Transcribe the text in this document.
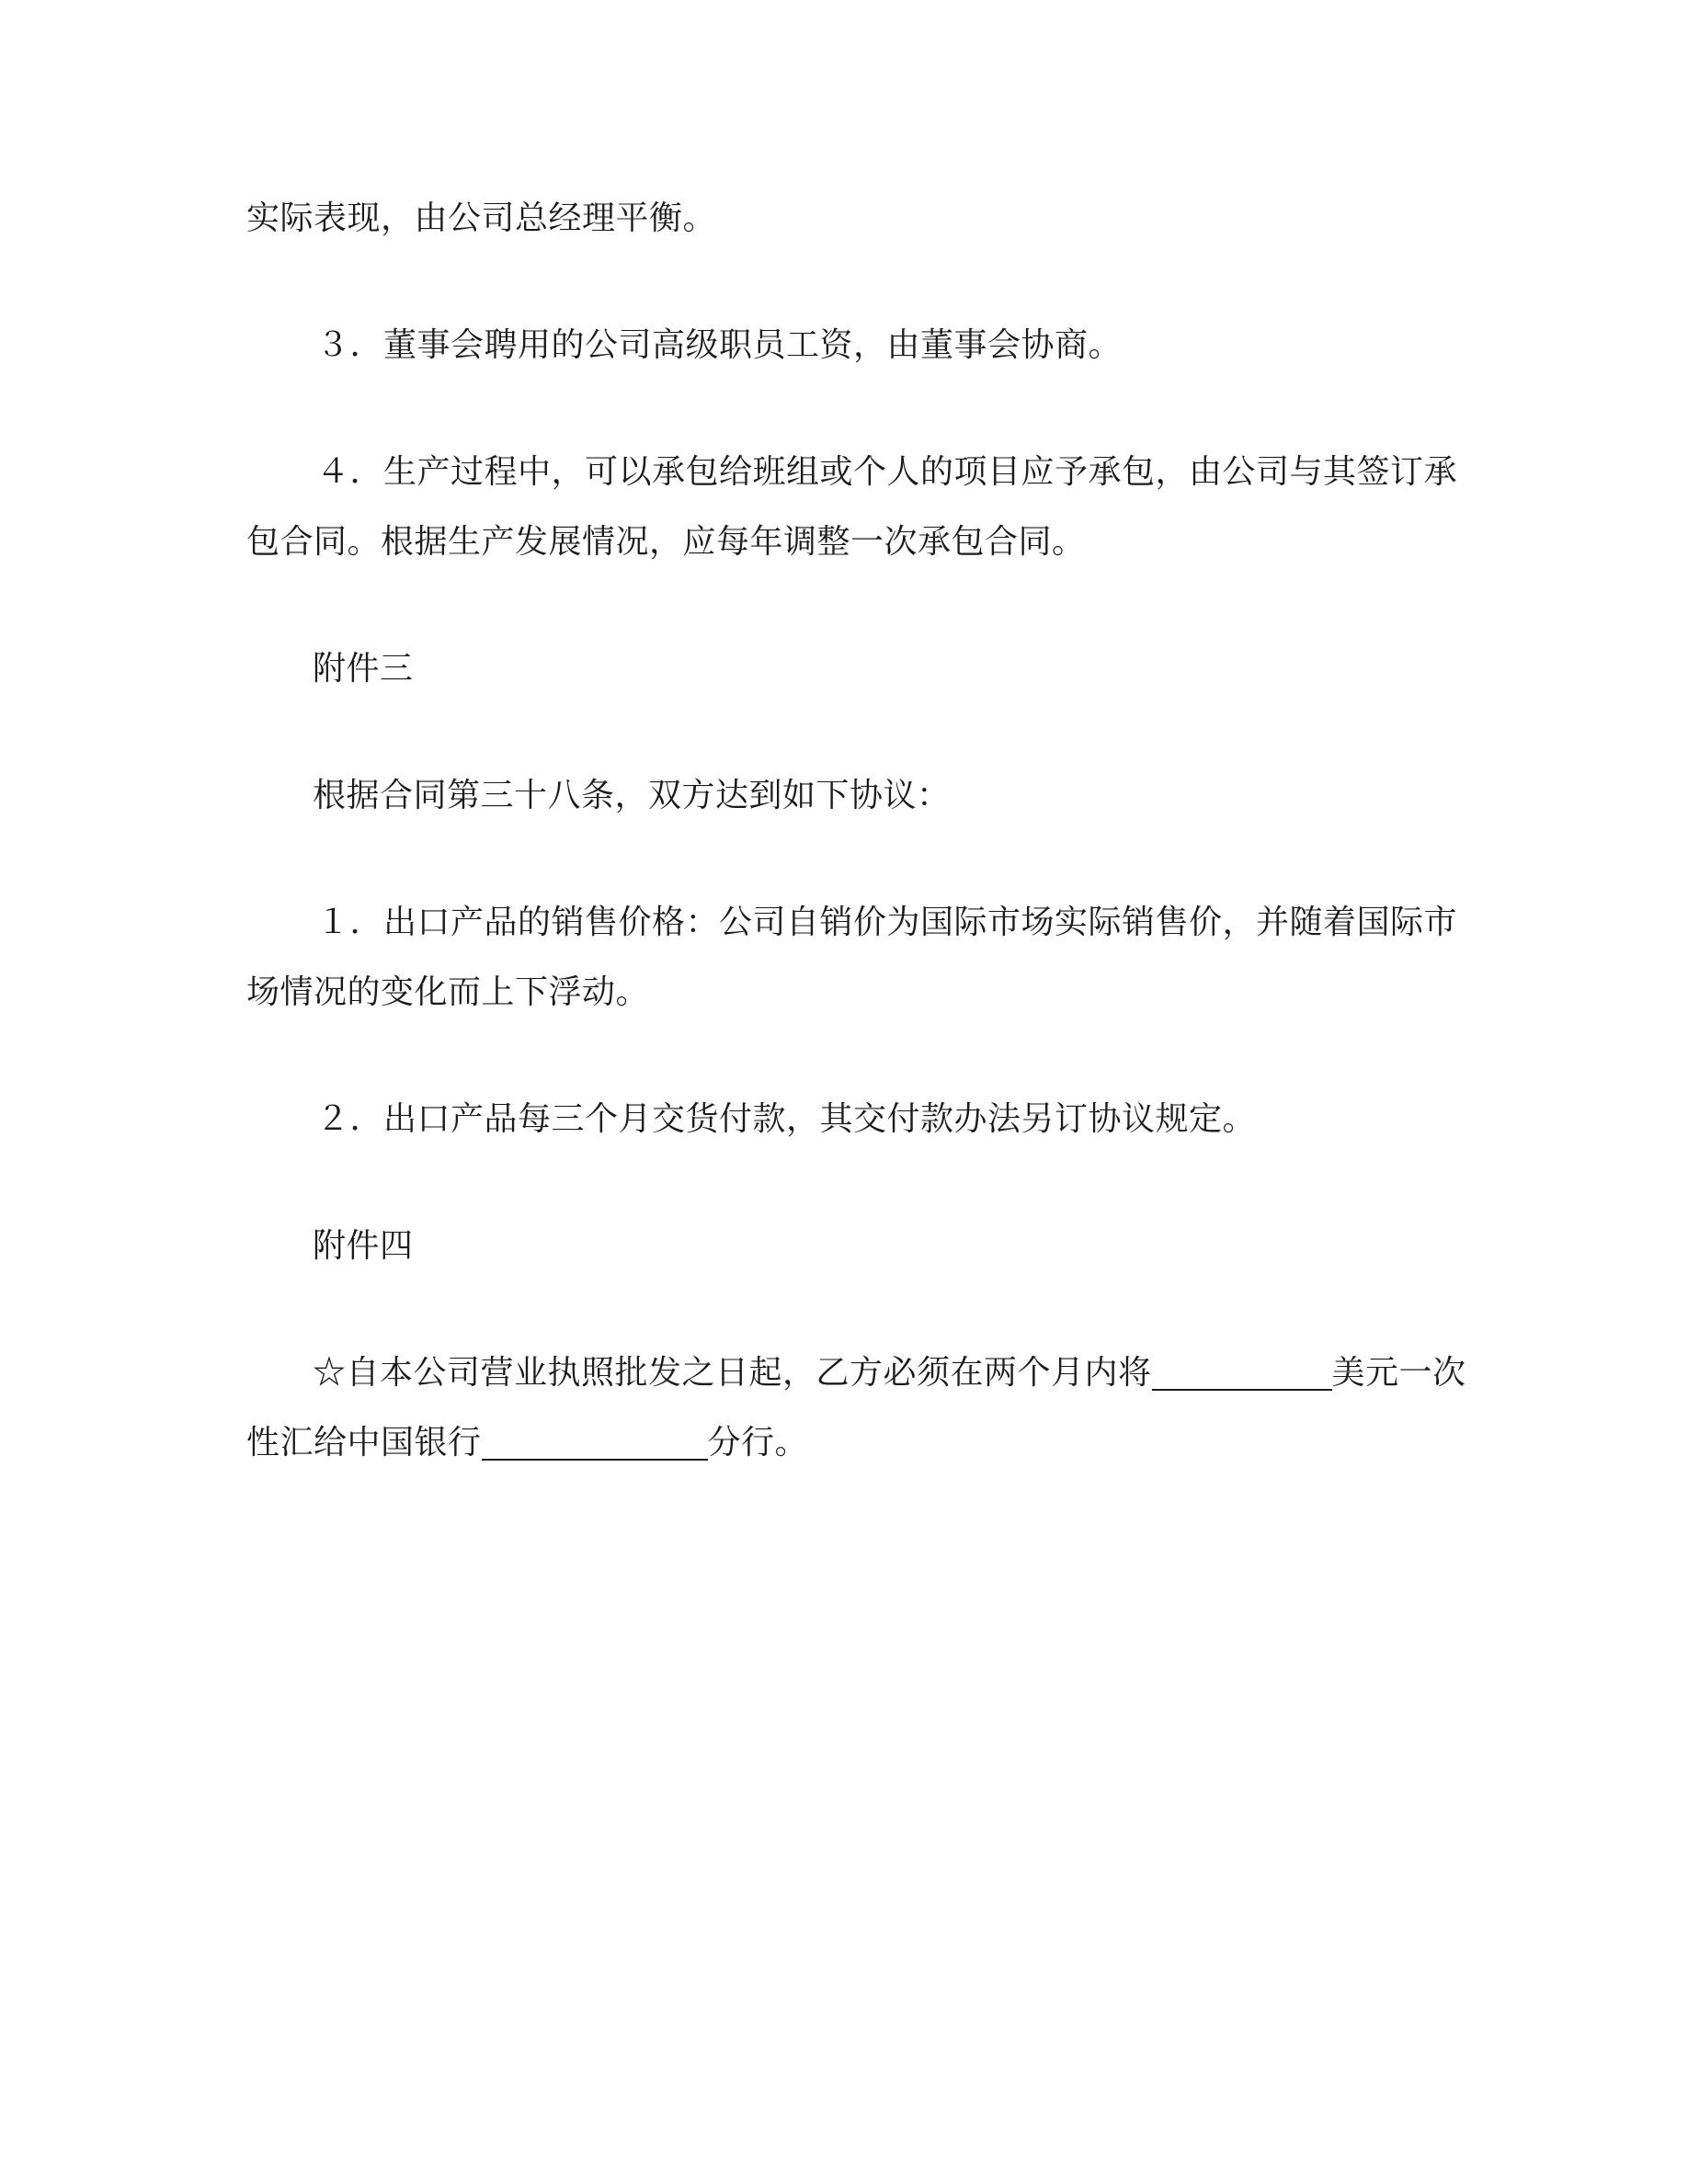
实际表现，由公司总经理平衡。
３．董事会聘用的公司高级职员工资，由董事会协商。
４．生产过程中，可以承包给班组或个人的项目应予承包，由公司与其签订承
包合同。根据生产发展情况，应每年调整一次承包合同。
附件三
根据合同第三十八条，双方达到如下协议：
１．出口产品的销售价格：公司自销价为国际市场实际销售价，并随着国际市
场情况的变化而上下浮动。
２．出口产品每三个月交货付款，其交付款办法另订协议规定。
附件四
☆自本公司营业执照批发之日起，乙方必须在两个月内将	美元一次
性汇给中国银行	分行。
